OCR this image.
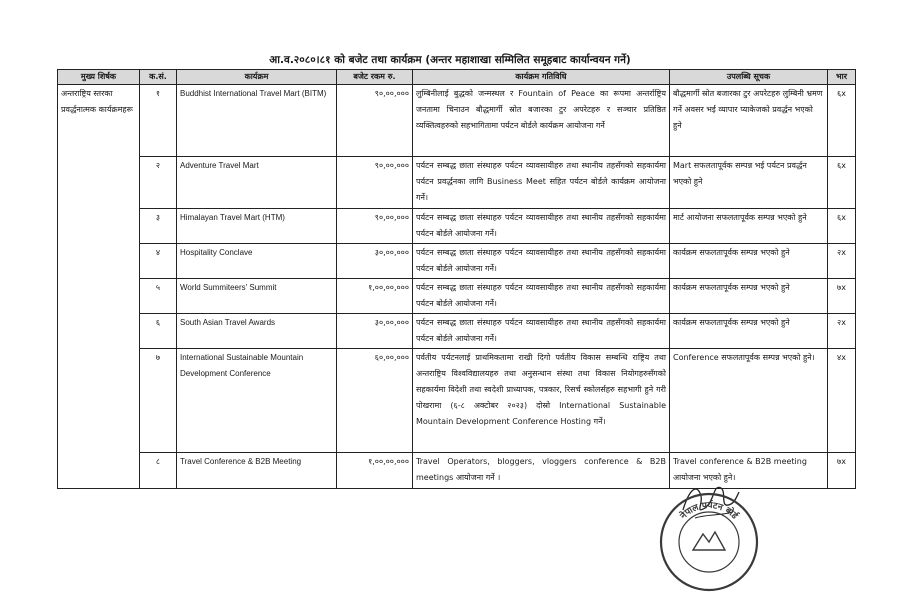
आ.व.२०८०।८१ को बजेट तथा कार्यक्रम (अन्तर महाशाखा सम्मिलित समूहबाट कार्यान्वयन गर्ने)
मुख्य शिर्षक	क.सं.	कार्यक्रम	बजेट रकम रु.	कार्यक्रम गतिविधि	उपलब्धि सूचक	भार
अन्तराष्ट्रिय स्तरका प्रवर्द्धनात्मक कार्यक्रमहरू	१	Buddhist International Travel Mart (BITM)	९०,००,०००	लुम्बिनीलाई बुद्धको जन्मस्थल र Fountain of Peace का रूपमा अन्तर्राष्ट्रिय जनतामा चिनाउन बौद्धमार्गी स्रोत बजारका टुर अपरेटहरु र सञ्चार प्रतिष्ठित व्यक्तित्वहरुको सहभागितामा पर्यटन बोर्डले कार्यक्रम आयोजना गर्ने	बौद्धमार्गी स्रोत बजारका टुर अपरेटहरु लुम्बिनी भ्रमण गर्ने अवसर भई व्यापार प्याकेजको प्रवर्द्धन भएको हुने	६x
	२	Adventure Travel Mart	९०,००,०००	पर्यटन सम्बद्ध छाता संस्थाहरु पर्यटन व्यावसायीहरु तथा स्थानीय तहसँगको सहकार्यमा पर्यटन प्रवर्द्धनका लागि Business Meet सहित पर्यटन बोर्डले कार्यक्रम आयोजना गर्ने।	Mart सफलतापूर्वक सम्पन्न भई पर्यटन प्रवर्द्धन भएको हुने	६x
	३	Himalayan Travel Mart (HTM)	९०,००,०००	पर्यटन सम्बद्ध छाता संस्थाहरु पर्यटन व्यावसायीहरु तथा स्थानीय तहसँगको सहकार्यमा पर्यटन बोर्डले आयोजना गर्ने।	मार्ट आयोजना सफलतापूर्वक सम्पन्न भएको हुने	६x
	४	Hospitality Conclave	३०,००,०००	पर्यटन सम्बद्ध छाता संस्थाहरु पर्यटन व्यावसायीहरु तथा स्थानीय तहसँगको सहकार्यमा पर्यटन बोर्डले आयोजना गर्ने।	कार्यक्रम सफलतापूर्वक सम्पन्न भएको हुने	२x
	५	World Summiteers' Summit	१,००,००,०००	पर्यटन सम्बद्ध छाता संस्थाहरु पर्यटन व्यावसायीहरु तथा स्थानीय तहसँगको सहकार्यमा पर्यटन बोर्डले आयोजना गर्ने।	कार्यक्रम सफलतापूर्वक सम्पन्न भएको हुने	७x
	६	South Asian Travel Awards	३०,००,०००	पर्यटन सम्बद्ध छाता संस्थाहरु पर्यटन व्यावसायीहरु तथा स्थानीय तहसँगको सहकार्यमा पर्यटन बोर्डले आयोजना गर्ने।	कार्यक्रम सफलतापूर्वक सम्पन्न भएको हुने	२x
	७	International Sustainable Mountain Development Conference	६०,००,०००	पर्वतीय पर्यटनलाई प्राथमिकतामा राखी दिगो पर्वतीय विकास सम्बन्धि राष्ट्रिय तथा अन्तराष्ट्रिय विश्वविद्यालयहरु तथा अनुसन्धान संस्था तथा विकास नियोगहरुसँगको सहकार्यमा विदेशी तथा स्वदेशी प्राध्यापक, पत्रकार, रिसर्च स्कोलर्सहरु सहभागी हुने गरी पोखरामा (६-८ अक्टोबर २०२३) दोस्रो International Sustainable Mountain Development Conference Hosting गर्ने।	Conference सफलतापूर्वक सम्पन्न भएको हुने।	४x
	८	Travel Conference & B2B Meeting	१,००,००,०००	Travel Operators, bloggers, vloggers conference & B2B meetings आयोजना गर्ने ।	Travel conference & B2B meeting आयोजना भएको हुने।	७x
नेपाल पर्यटन बोर्ड
